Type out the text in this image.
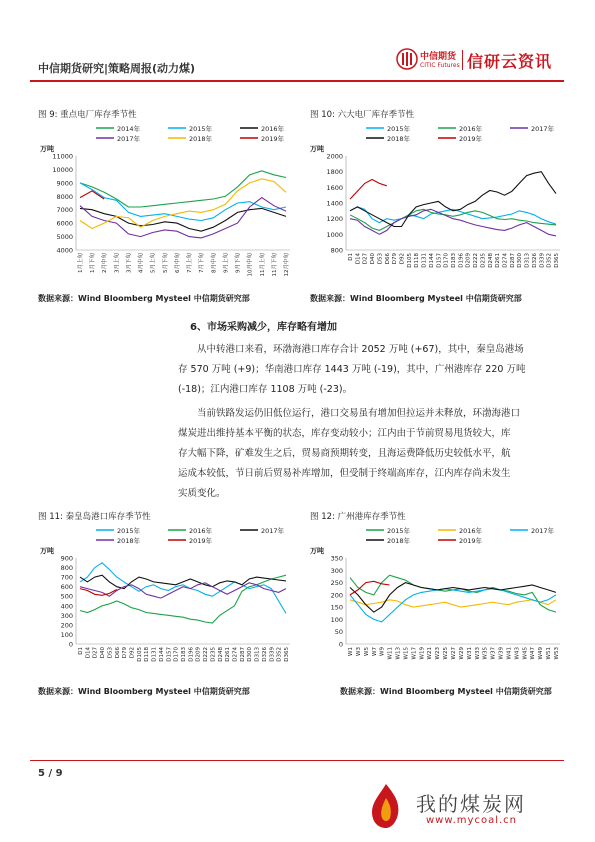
中信期货
CITIC Futures 信研云资讯
中信期货研究|策略周报(动力煤)
图 9: 重点电厂库存季节性
2014年	2015年	2016年
2017年	2018年	2019年
万吨
4000
5000
6000
7000
8000
9000
10000
11000
1月上旬	1月下旬	2月中旬	3月上旬	3月下旬	4月中旬	5月上旬	5月下旬	6月中旬	7月上旬	7月下旬	8月中旬	9月上旬	9月下旬	10月中旬	11月上旬	11月下旬	12月中旬
数据来源：Wind Bloomberg Mysteel 中信期货研究部
图 10: 六大电厂库存季节性
2015年	2016年	2017年
2018年	2019年
万吨
800
1000
1200
1400
1600
1800
2000
D1 D14 D27 D40 D53 D66 D79 D92 D105 D118 D131 D144 D157 D170 D183 D196 D209 D222 D235 D248 D261 D274 D287 D300 D313 D326 D339 D352 D365
数据来源：Wind Bloomberg Mysteel 中信期货研究部
6、市场采购减少，库存略有增加
从中转港口来看，环渤海港口库存合计 2052 万吨 (+67)，其中，秦皇岛港场
存 570 万吨 (+9)；华南港口库存 1443 万吨 (-19)，其中，广州港库存 220 万吨
(-18)；江内港口库存 1108 万吨 (-23)。
当前铁路发运仍旧低位运行，港口交易虽有增加但拉运并未释放，环渤海港口
煤炭进出维持基本平衡的状态，库存变动较小；江内由于节前贸易甩货较大，库
存大幅下降，矿难发生之后，贸易商预期转变，且海运费降低历史较低水平，航
运成本较低，节日前后贸易补库增加，但受制于终端高库存，江内库存尚未发生
实质变化。
图 11: 秦皇岛港口库存季节性
2015年	2016年	2017年
2018年	2019年
万吨
0
100
200
300
400
500
600
700
800
900
D1 D14 D27 D40 D53 D66 D79 D92 D105 D118 D131 D144 D157 D170 D183 D196 D209 D222 D235 D248 D261 D274 D287 D300 D313 D326 D339 D352 D365
数据来源：Wind Bloomberg Mysteel 中信期货研究部
图 12: 广州港库存季节性
2015年	2016年	2017年
2018年	2019年
万吨
0
50
100
150
200
250
300
350
W1 W3 W5 W7 W9 W11 W13 W15 W17 W19 W21 W23 W25 W27 W29 W31 W33 W35 W37 W39 W41 W43 W45 W47 W49 W51 W53
数据来源：Wind Bloomberg Mysteel 中信期货研究部
5 / 9
我的煤炭网
www.mycoal.cn
